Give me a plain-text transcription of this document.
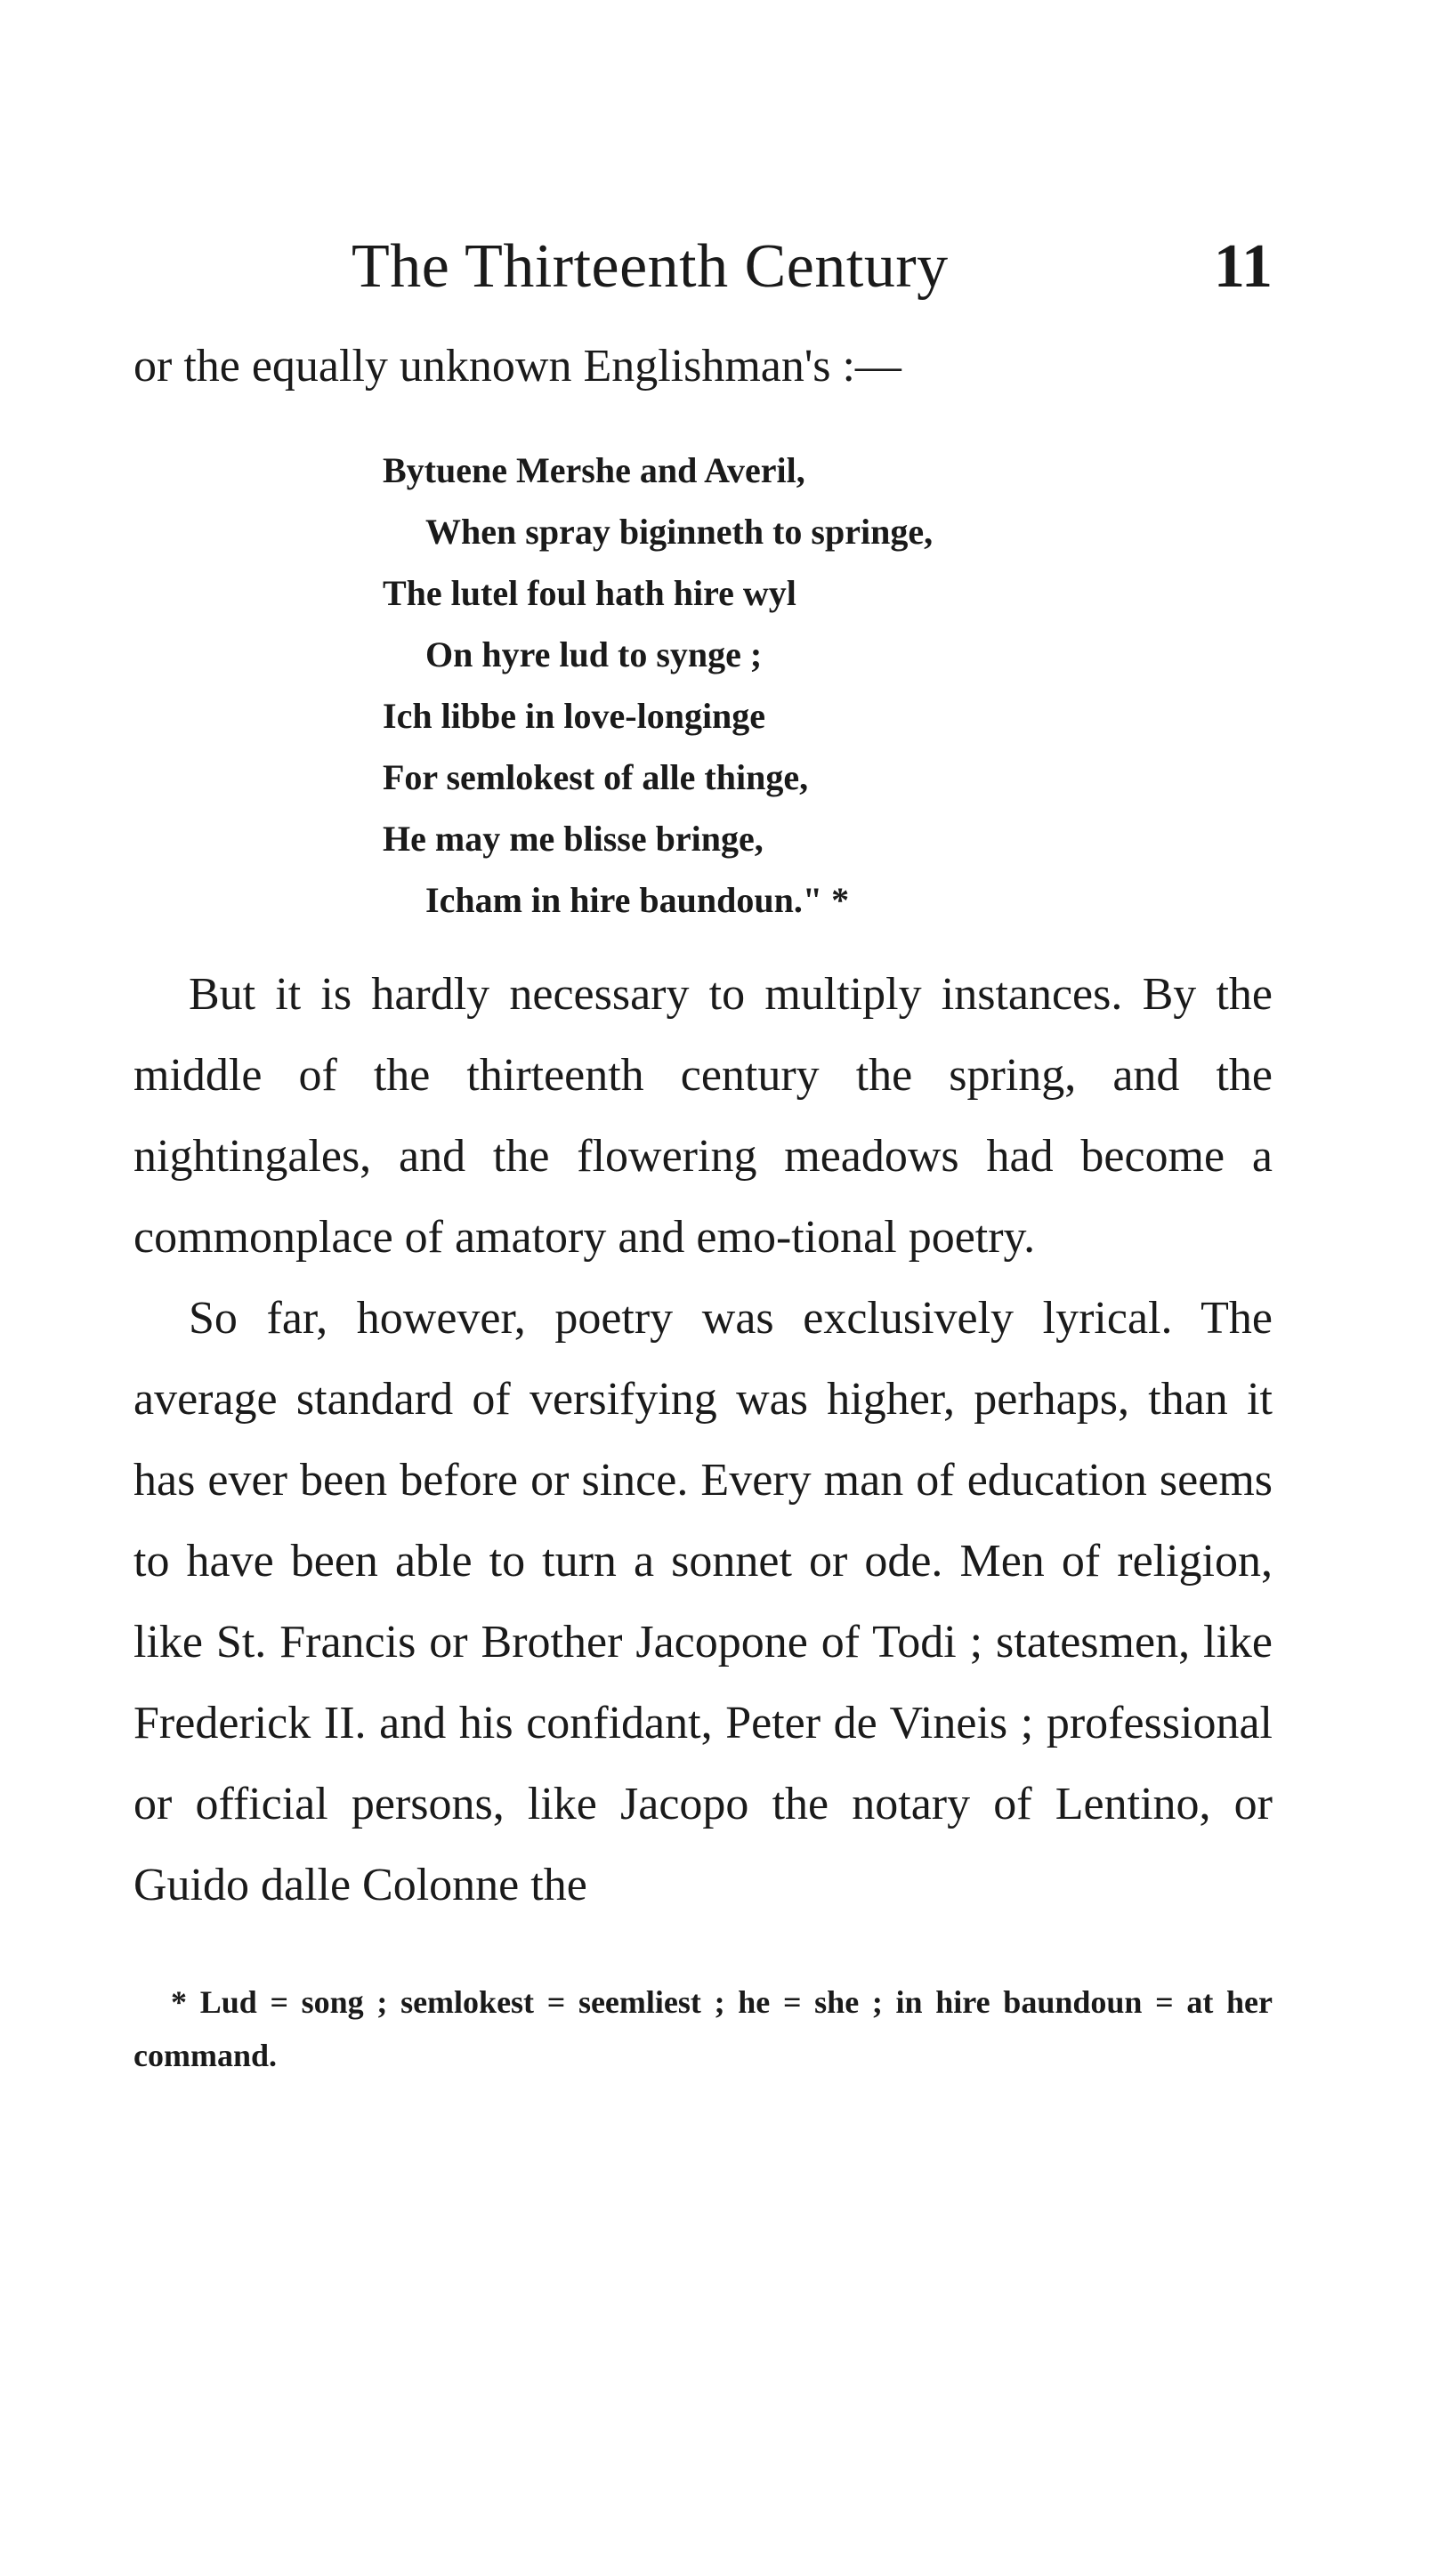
The Thirteenth Century	11

or the equally unknown Englishman's :—

Bytuene Mershe and Averil,
When spray biginneth to springe,
The lutel foul hath hire wyl
On hyre lud to synge ;
Ich libbe in love-longinge
For semlokest of alle thinge,
He may me blisse bringe,
Icham in hire baundoun." *

But it is hardly necessary to multiply instances. By the middle of the thirteenth century the spring, and the nightingales, and the flowering meadows had become a commonplace of amatory and emo-tional poetry.

So far, however, poetry was exclusively lyrical. The average standard of versifying was higher, perhaps, than it has ever been before or since. Every man of education seems to have been able to turn a sonnet or ode. Men of religion, like St. Francis or Brother Jacopone of Todi ; statesmen, like Frederick II. and his confidant, Peter de Vineis ; professional or official persons, like Jacopo the notary of Lentino, or Guido dalle Colonne the

* Lud = song ; semlokest = seemliest ; he = she ; in hire baundoun = at her command.
